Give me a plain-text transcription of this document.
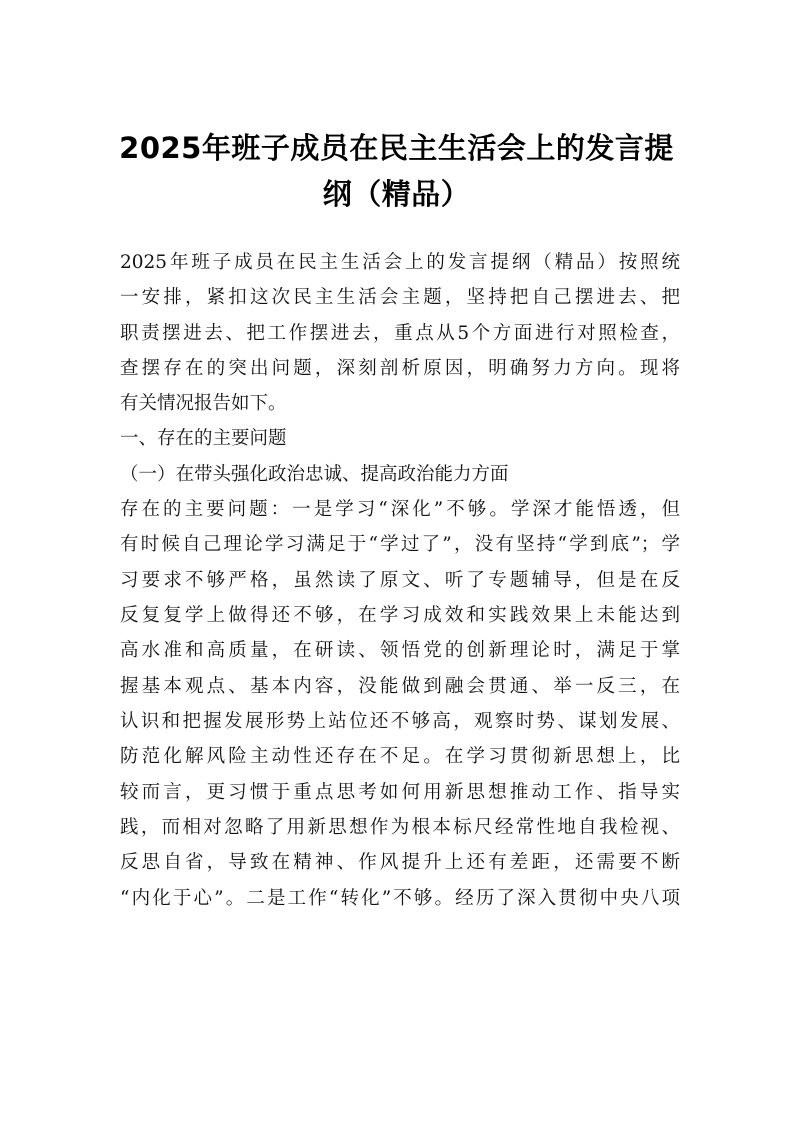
2025年班子成员在民主生活会上的发言提
纲（精品）

2025年班子成员在民主生活会上的发言提纲（精品）按照统

一安排，紧扣这次民主生活会主题，坚持把自己摆进去、把

职责摆进去、把工作摆进去，重点从5个方面进行对照检查，

查摆存在的突出问题，深刻剖析原因，明确努力方向。现将

有关情况报告如下。

一、存在的主要问题

（一）在带头强化政治忠诚、提高政治能力方面

存在的主要问题：一是学习“深化”不够。学深才能悟透，但

有时候自己理论学习满足于“学过了”，没有坚持“学到底”；学

习要求不够严格，虽然读了原文、听了专题辅导，但是在反

反复复学上做得还不够，在学习成效和实践效果上未能达到

高水准和高质量，在研读、领悟党的创新理论时，满足于掌

握基本观点、基本内容，没能做到融会贯通、举一反三，在

认识和把握发展形势上站位还不够高，观察时势、谋划发展、

防范化解风险主动性还存在不足。在学习贯彻新思想上，比

较而言，更习惯于重点思考如何用新思想推动工作、指导实

践，而相对忽略了用新思想作为根本标尺经常性地自我检视、

反思自省，导致在精神、作风提升上还有差距，还需要不断

“内化于心”。二是工作“转化”不够。经历了深入贯彻中央八项
